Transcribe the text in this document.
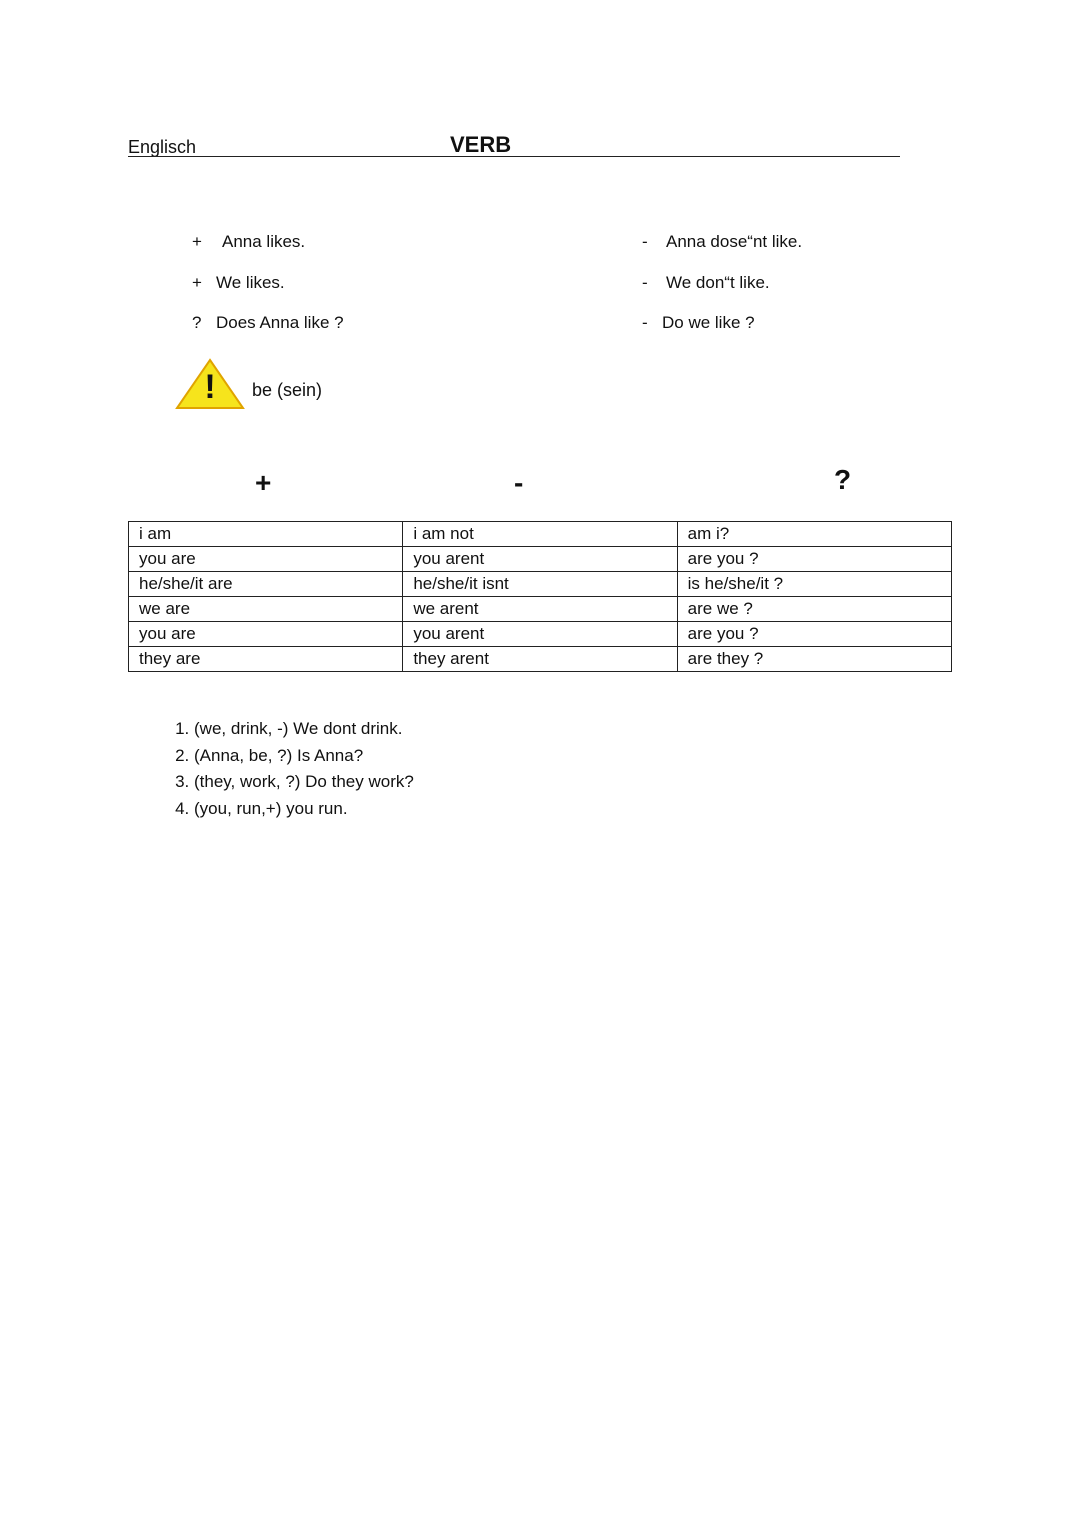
Englisch	VERB
+ Anna likes.
+ We likes.
? Does Anna like ?
- Anna dose“nt like.
- We don“t like.
- Do we like ?
! be (sein)
+	-	?
i am	i am not	am i?
you are	you arent	are you ?
he/she/it are	he/she/it isnt	is he/she/it ?
we are	we arent	are we ?
you are	you arent	are you ?
they are	they arent	are they ?
1. (we, drink, -) We dont drink.
2. (Anna, be, ?) Is Anna?
3. (they, work, ?) Do they work?
4. (you, run,+) you run.
